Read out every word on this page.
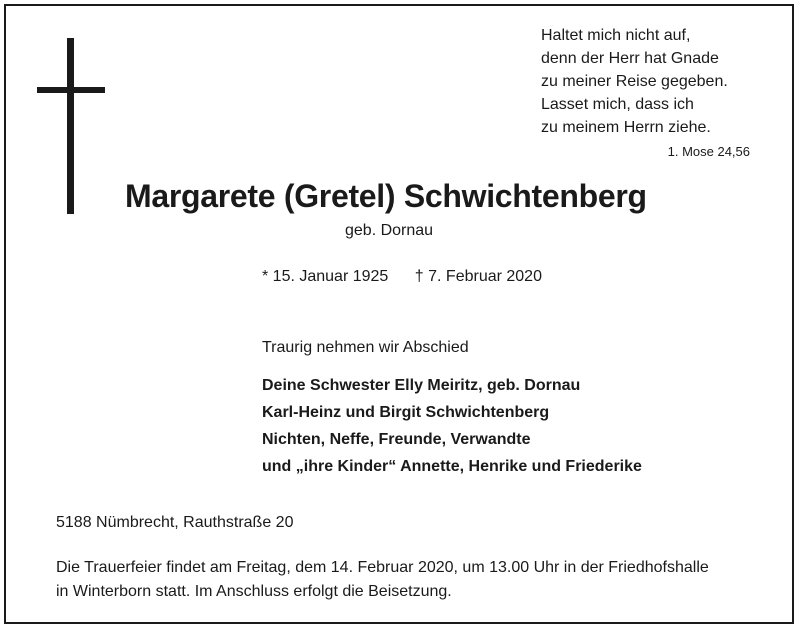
Haltet mich nicht auf,
denn der Herr hat Gnade
zu meiner Reise gegeben.
Lasset mich, dass ich
zu meinem Herrn ziehe.
1. Mose 24,56
Margarete (Gretel) Schwichtenberg
geb. Dornau
* 15. Januar 1925 † 7. Februar 2020
Traurig nehmen wir Abschied
Deine Schwester Elly Meiritz, geb. Dornau
Karl-Heinz und Birgit Schwichtenberg
Nichten, Neffe, Freunde, Verwandte
und „ihre Kinder“ Annette, Henrike und Friederike
5188 Nümbrecht, Rauthstraße 20
Die Trauerfeier findet am Freitag, dem 14. Februar 2020, um 13.00 Uhr in der Friedhofshalle
in Winterborn statt. Im Anschluss erfolgt die Beisetzung.
